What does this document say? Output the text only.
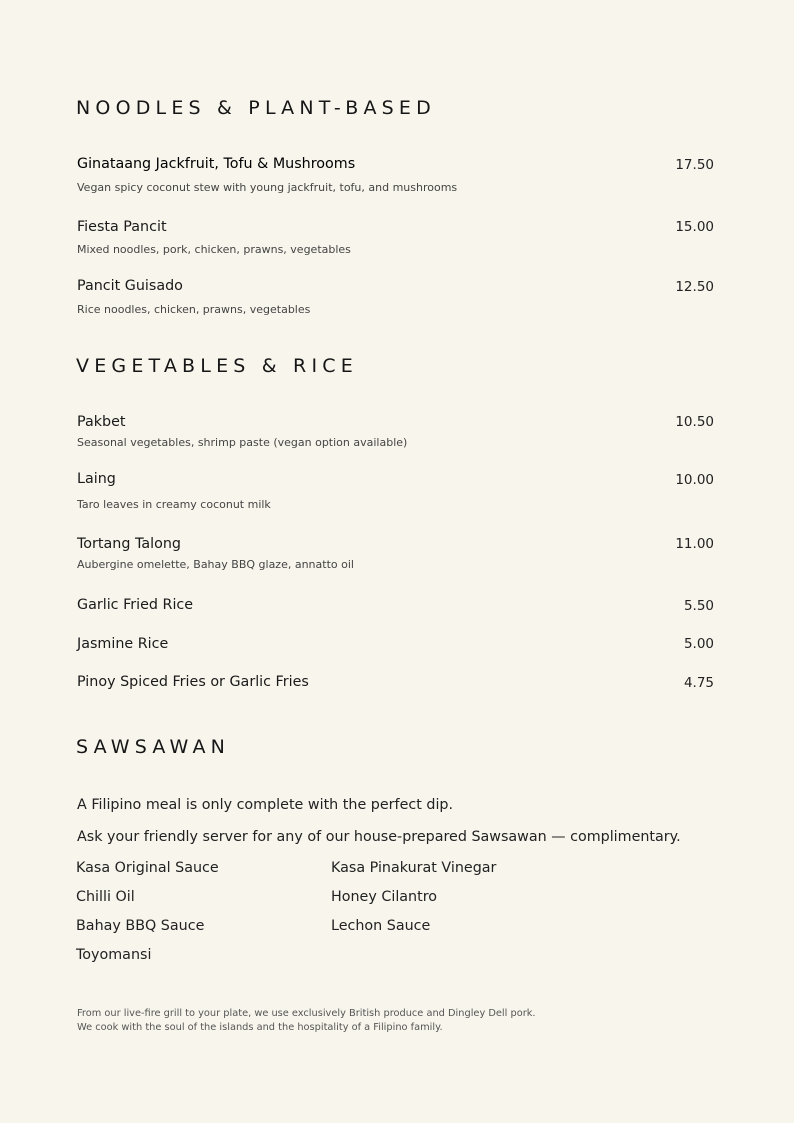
NOODLES & PLANT-BASED
Ginataang Jackfruit, Tofu & Mushrooms	17.50
Vegan spicy coconut stew with young jackfruit, tofu, and mushrooms
Fiesta Pancit	15.00
Mixed noodles, pork, chicken, prawns, vegetables
Pancit Guisado	12.50
Rice noodles, chicken, prawns, vegetables
VEGETABLES & RICE
Pakbet	10.50
Seasonal vegetables, shrimp paste (vegan option available)
Laing	10.00
Taro leaves in creamy coconut milk
Tortang Talong	11.00
Aubergine omelette, Bahay BBQ glaze, annatto oil
Garlic Fried Rice	5.50
Jasmine Rice	5.00
Pinoy Spiced Fries or Garlic Fries	4.75
SAWSAWAN
A Filipino meal is only complete with the perfect dip.
Ask your friendly server for any of our house-prepared Sawsawan — complimentary.
Kasa Original Sauce	Kasa Pinakurat Vinegar
Chilli Oil	Honey Cilantro
Bahay BBQ Sauce	Lechon Sauce
Toyomansi
From our live-fire grill to your plate, we use exclusively British produce and Dingley Dell pork.
We cook with the soul of the islands and the hospitality of a Filipino family.
